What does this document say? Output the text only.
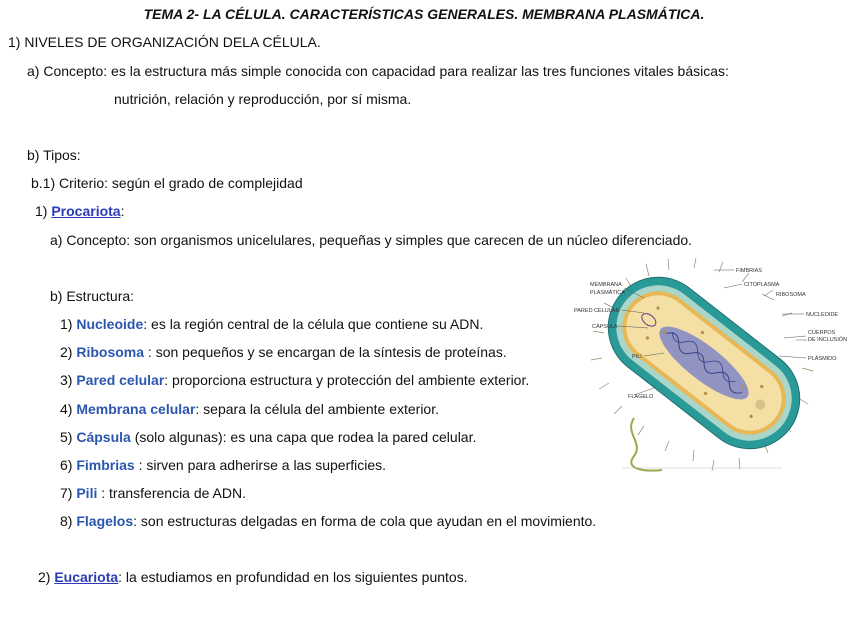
TEMA 2- LA CÉLULA. CARACTERÍSTICAS GENERALES. MEMBRANA PLASMÁTICA.
1) NIVELES DE ORGANIZACIÓN DELA CÉLULA.
a) Concepto: es la estructura más simple conocida con capacidad para realizar las tres funciones vitales básicas:
nutrición, relación y reproducción, por sí misma.
b) Tipos:
b.1) Criterio: según el grado de complejidad
1) Procariota:
a) Concepto: son organismos unicelulares, pequeñas y simples que carecen de un núcleo diferenciado.
b) Estructura:
1) Nucleoide: es la región central de la célula que contiene su ADN.
2) Ribosoma : son pequeños y se encargan de la síntesis de proteínas.
3) Pared celular: proporciona estructura y protección del ambiente exterior.
4) Membrana celular: separa la célula del ambiente exterior.
5) Cápsula (solo algunas): es una capa que rodea la pared celular.
6) Fimbrias : sirven para adherirse a las superficies.
7) Pili : transferencia de ADN.
8) Flagelos: son estructuras delgadas en forma de cola que ayudan en el movimiento.
2) Eucariota: la estudiamos en profundidad en los siguientes puntos.
FIMBRIAS
CITOPLASMA
MEMBRANA
PLASMÁTICA	RIBOSOMA
PARED CELULAR
NUCLEOIDE
CÁPSULA
CUERPOS
DE INCLUSIÓN
PILI	PLÁSMIDO
FLAGELO
